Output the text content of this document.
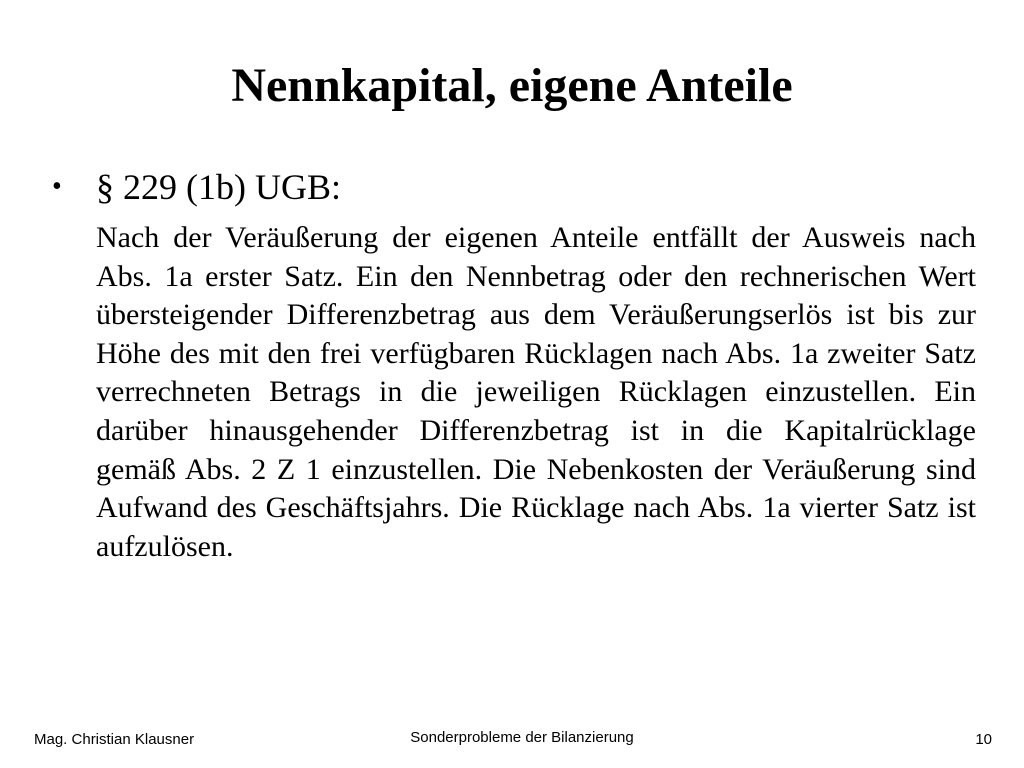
Nennkapital, eigene Anteile
• § 229 (1b) UGB:

Nach der Veräußerung der eigenen Anteile entfällt der Ausweis nach Abs. 1a erster Satz. Ein den Nennbetrag oder den rechnerischen Wert übersteigender Differenzbetrag aus dem Veräußerungserlös ist bis zur Höhe des mit den frei verfügbaren Rücklagen nach Abs. 1a zweiter Satz verrechneten Betrags in die jeweiligen Rücklagen einzustellen. Ein darüber hinausgehender Differenzbetrag ist in die Kapitalrücklage gemäß Abs. 2 Z 1 einzustellen. Die Nebenkosten der Veräußerung sind Aufwand des Geschäftsjahrs. Die Rücklage nach Abs. 1a vierter Satz ist aufzulösen.

Mag. Christian Klausner	Sonderprobleme der Bilanzierung	10
